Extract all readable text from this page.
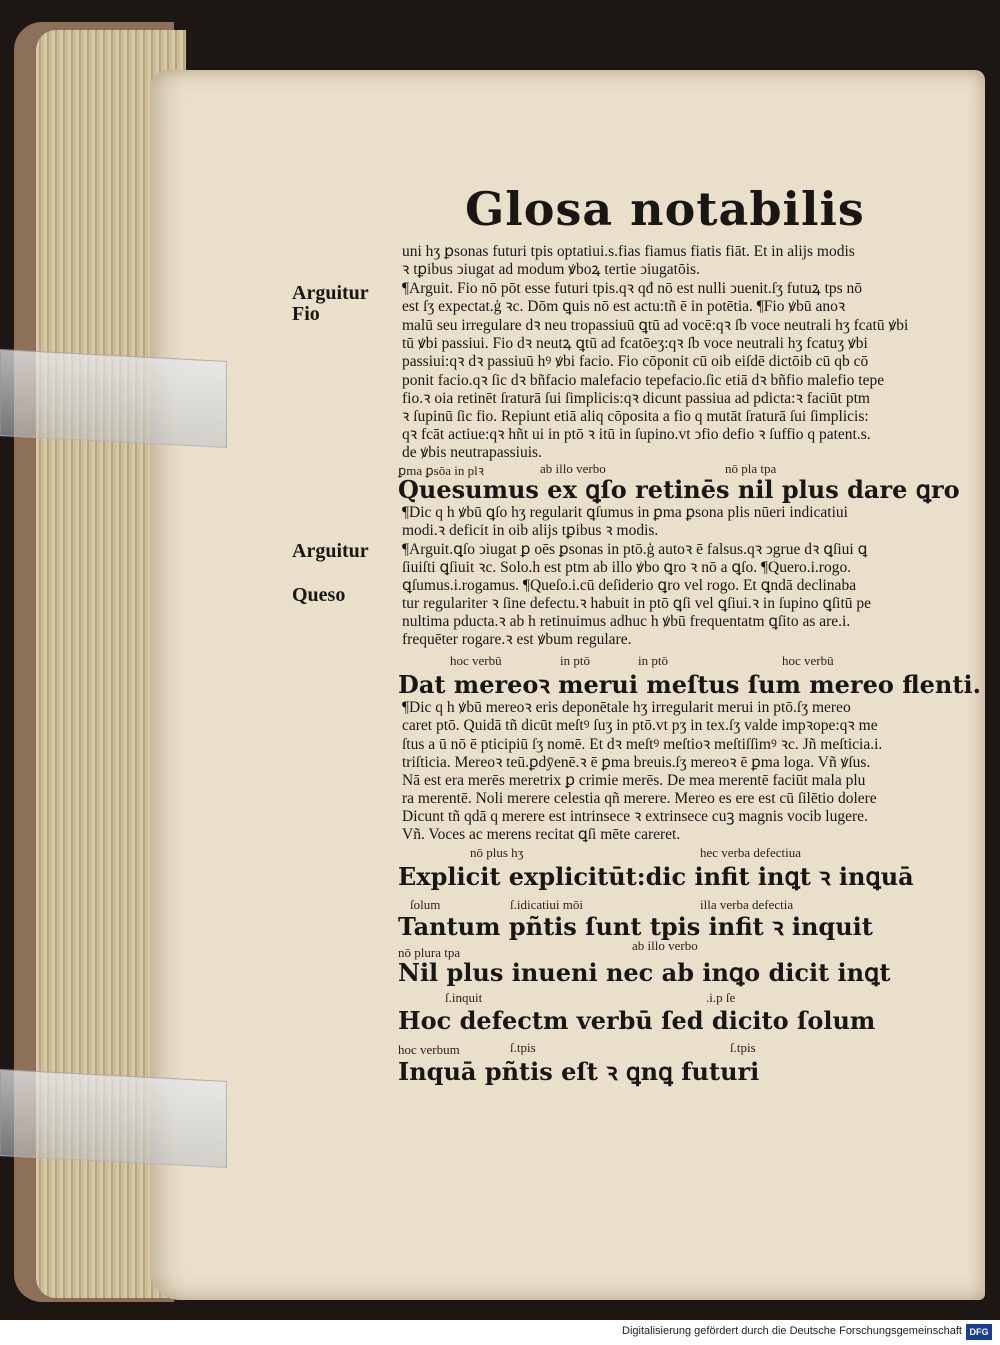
Glosa notabilis
Arguitur
Fio
Arguitur
Queso
uni hʒ ꝑsonas futuri tpis optatiui.s.fias fiamus fiatis fiāt. Et in alijs modis
ꝛ tꝑibus ↄiugat ad modum ꝟboꝝ tertie ↄiugatōis.
¶Arguit. Fio nō pōt esse futuri tpis.qꝛ qđ nō est nulli ↄuenit.ſʒ futuꝝ tps nō
est ſʒ expectat.ģ ꝛc. Dōm ꝗuis nō est actu:tñ ē in potētia. ¶Fio ꝟbū anoꝛ
malū seu irregulare dꝛ neu tropassiuū ꝗtū ad vocē:qꝛ ſb voce neutrali hʒ fcatū ꝟbi
tū ꝟbi passiui. Fio dꝛ neutꝝ ꝗtū ad fcatōeʒ:qꝛ ſb voce neutrali hʒ fcatuʒ ꝟbi
passiui:qꝛ dꝛ passiuū hꝰ ꝟbi facio. Fio cōponit cū oib eiſdē dictōib cū qb cō
ponit facio.qꝛ ſic dꝛ bñfacio malefacio tepefacio.ſic etiā dꝛ bñfio malefio tepe
fio.ꝛ oia retinēt ſraturā ſui ſimplicis:qꝛ dicunt passiua ad pdicta:ꝛ faciūt ptm
ꝛ ſupinū ſic fio. Repiunt etiā aliq cōposita a fio q mutāt ſraturā ſui ſimplicis:
qꝛ fcāt actiue:qꝛ hñt ui in ptō ꝛ itū in ſupino.vt ↄfio defio ꝛ ſuffio q patent.s.
de ꝟbis neutrapassiuis.
ꝑma ꝑsōa in plꝛ	ab illo verbo	nō pla tpa
Quesumus ex ꝗſo retinēs nil plus dare ꝗro
¶Dic q h ꝟbū ꝗſo hʒ regularit ꝗſumus in ꝑma ꝑsona plis nūeri indicatiui
modi.ꝛ deficit in oib alijs tꝑibus ꝛ modis.
¶Arguit.ꝗſo ↄiugat ꝑ oēs ꝑsonas in ptō.ģ autoꝛ ē falsus.qꝛ ↄgrue dꝛ ꝗſiui ꝗ
ſiuiſti ꝗſiuit ꝛc. Solo.h est ptm ab illo ꝟbo ꝗro ꝛ nō a ꝗſo. ¶Quero.i.rogo.
ꝗſumus.i.rogamus. ¶Queſo.i.cū deſiderio ꝗro vel rogo. Et ꝗndā declinaba
tur regulariter ꝛ ſine defectu.ꝛ habuit in ptō ꝗſi vel ꝗſiui.ꝛ in ſupino ꝗſitū pe
nultima pducta.ꝛ ab h retinuimus adhuc h ꝟbū frequentatm ꝗſito as are.i.
frequēter rogare.ꝛ est ꝟbum regulare.
hoc verbū	in ptō	in ptō	hoc verbū
Dat mereoꝛ merui meſtus ſum mereo flenti.
¶Dic q h ꝟbū mereoꝛ eris deponētale hʒ irregularit merui in ptō.ſʒ mereo
caret ptō. Quidā tñ dicūt meſtꝰ ſuʒ in ptō.vt pʒ in tex.ſʒ valde impꝛope:qꝛ me
ſtus a ū nō ē pticipiū ſʒ nomē. Et dꝛ meſtꝰ meſtioꝛ meſtiſſimꝰ ꝛc. Jñ meſticia.i.
triſticia. Mereoꝛ teū.ꝑdȳenē.ꝛ ē ꝑma breuis.ſʒ mereoꝛ ē ꝑma loga. Vñ ꝟſus.
Nā est era merēs meretrix ꝑ crimie merēs. De mea merentē faciūt mala plu
ra merentē. Noli merere celestia qñ merere. Mereo es ere est cū ſilētio dolere
Dicunt tñ qdā q merere est intrinsece ꝛ extrinsece cuꝫ magnis vocib lugere.
Vñ. Voces ac merens recitat ꝗſi mēte careret.
nō plus hʒ	hec verba defectiua
Explicit explicitūt:dic infit inꝗt ꝛ inꝗuā
ſolum	ſ.idicatiui mōi	illa verba defectia
Tantum pñtis ſunt tpis infit ꝛ inquit
nō plura tpa	ab illo verbo
Nil plus inueni nec ab inꝗo dicit inꝗt
ſ.inquit	.i.p ſe
Hoc defectm verbū ſed dicito ſolum
hoc verbum	ſ.tpis	ſ.tpis
Inquā pñtis eſt ꝛ ꝗnꝗ futuri
Digitalisierung gefördert durch die Deutsche Forschungsgemeinschaft DFG
